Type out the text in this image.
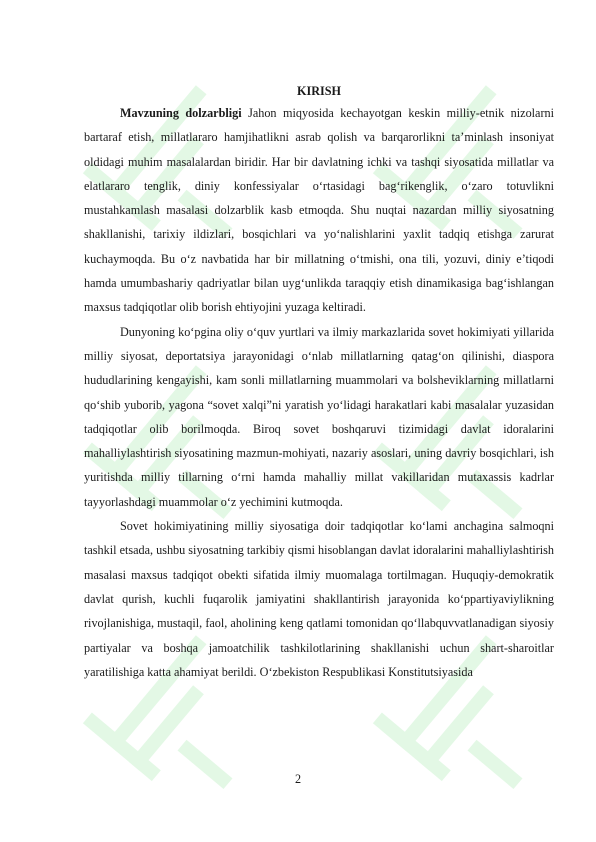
KIRISH

Mavzuning dolzarbligi Jahon miqyosida kechayotgan keskin milliy-etnik nizolarni bartaraf etish, millatlararo hamjihatlikni asrab qolish va barqarorlikni ta’minlash insoniyat oldidagi muhim masalalardan biridir. Har bir davlatning ichki va tashqi siyosatida millatlar va elatlararo tenglik, diniy konfessiyalar o‘rtasidagi bag‘rikenglik, o‘zaro totuvlikni mustahkamlash masalasi dolzarblik kasb etmoqda. Shu nuqtai nazardan milliy siyosatning shakllanishi, tarixiy ildizlari, bosqichlari va yo‘nalishlarini yaxlit tadqiq etishga zarurat kuchaymoqda. Bu o‘z navbatida har bir millatning o‘tmishi, ona tili, yozuvi, diniy e’tiqodi hamda umumbashariy qadriyatlar bilan uyg‘unlikda taraqqiy etish dinamikasiga bag‘ishlangan maxsus tadqiqotlar olib borish ehtiyojini yuzaga keltiradi.

Dunyoning ko‘pgina oliy o‘quv yurtlari va ilmiy markazlarida sovet hokimiyati yillarida milliy siyosat, deportatsiya jarayonidagi o‘nlab millatlarning qatag‘on qilinishi, diaspora hududlarining kengayishi, kam sonli millatlarning muammolari va bolsheviklarning millatlarni qo‘shib yuborib, yagona “sovet xalqi”ni yaratish yo‘lidagi harakatlari kabi masalalar yuzasidan tadqiqotlar olib borilmoqda. Biroq sovet boshqaruvi tizimidagi davlat idoralarini mahalliylashtirish siyosatining mazmun-mohiyati, nazariy asoslari, uning davriy bosqichlari, ish yuritishda milliy tillarning o‘rni hamda mahalliy millat vakillaridan mutaxassis kadrlar tayyorlashdagi muammolar o‘z yechimini kutmoqda.

Sovet hokimiyatining milliy siyosatiga doir tadqiqotlar ko‘lami anchagina salmoqni tashkil etsada, ushbu siyosatning tarkibiy qismi hisoblangan davlat idoralarini mahalliylashtirish masalasi maxsus tadqiqot obekti sifatida ilmiy muomalaga tortilmagan. Huquqiy-demokratik davlat qurish, kuchli fuqarolik jamiyatini shakllantirish jarayonida ko‘ppartiyaviylikning rivojlanishiga, mustaqil, faol, aholining keng qatlami tomonidan qo‘llabquvvatlanadigan siyosiy partiyalar va boshqa jamoatchilik tashkilotlarining shakllanishi uchun shart-sharoitlar yaratilishiga katta ahamiyat berildi. O‘zbekiston Respublikasi Konstitutsiyasida

2
